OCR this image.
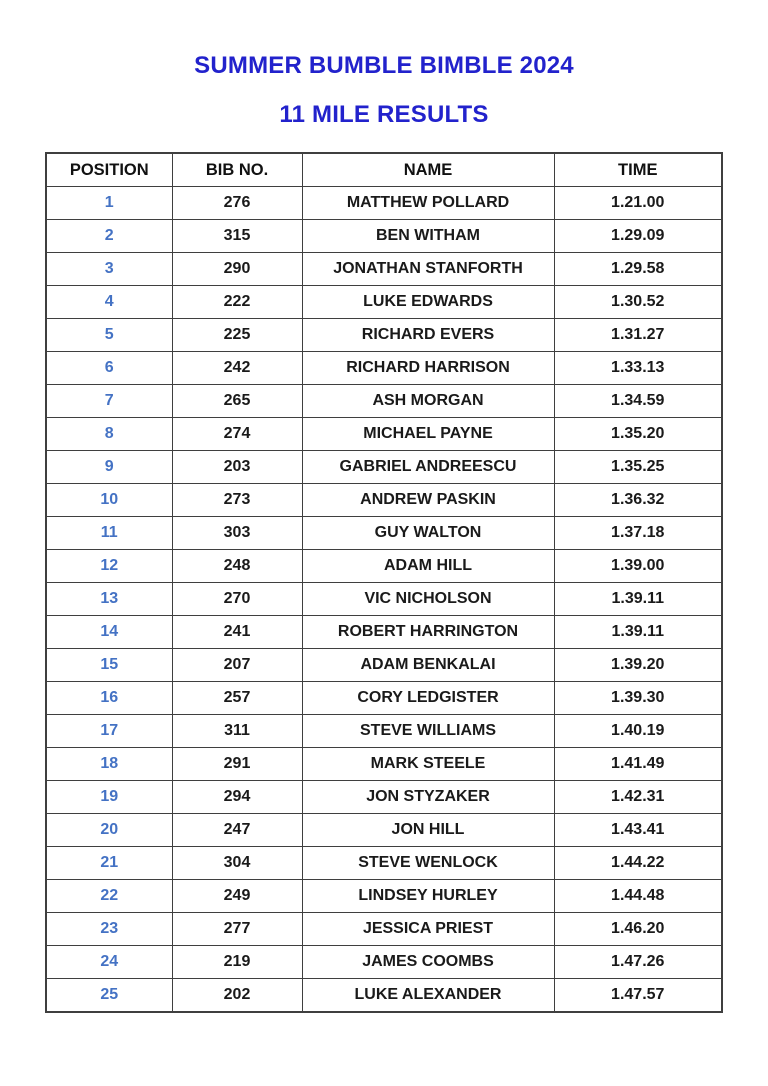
SUMMER BUMBLE BIMBLE 2024
11 MILE RESULTS
POSITION	BIB NO.	NAME	TIME
1	276	MATTHEW POLLARD	1.21.00
2	315	BEN WITHAM	1.29.09
3	290	JONATHAN STANFORTH	1.29.58
4	222	LUKE EDWARDS	1.30.52
5	225	RICHARD EVERS	1.31.27
6	242	RICHARD HARRISON	1.33.13
7	265	ASH MORGAN	1.34.59
8	274	MICHAEL PAYNE	1.35.20
9	203	GABRIEL ANDREESCU	1.35.25
10	273	ANDREW PASKIN	1.36.32
11	303	GUY WALTON	1.37.18
12	248	ADAM HILL	1.39.00
13	270	VIC NICHOLSON	1.39.11
14	241	ROBERT HARRINGTON	1.39.11
15	207	ADAM BENKALAI	1.39.20
16	257	CORY LEDGISTER	1.39.30
17	311	STEVE WILLIAMS	1.40.19
18	291	MARK STEELE	1.41.49
19	294	JON STYZAKER	1.42.31
20	247	JON HILL	1.43.41
21	304	STEVE WENLOCK	1.44.22
22	249	LINDSEY HURLEY	1.44.48
23	277	JESSICA PRIEST	1.46.20
24	219	JAMES COOMBS	1.47.26
25	202	LUKE ALEXANDER	1.47.57
